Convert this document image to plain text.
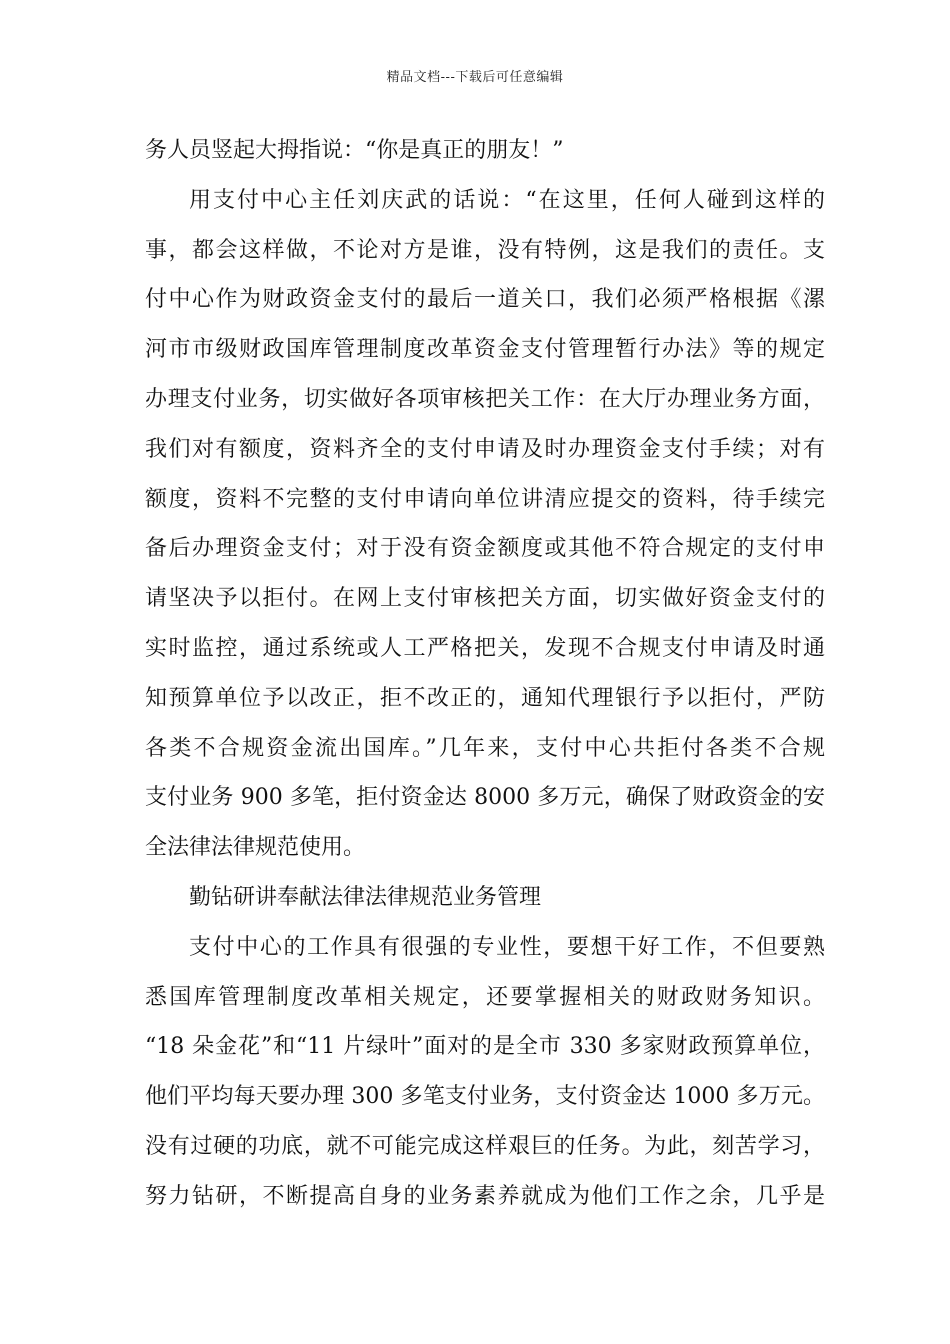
精品文档---下载后可任意编辑
务人员竖起大拇指说：“你是真正的朋友！”
用支付中心主任刘庆武的话说：“在这里，任何人碰到这样的
事，都会这样做，不论对方是谁，没有特例，这是我们的责任。支
付中心作为财政资金支付的最后一道关口，我们必须严格根据《漯
河市市级财政国库管理制度改革资金支付管理暂行办法》等的规定
办理支付业务，切实做好各项审核把关工作：在大厅办理业务方面，
我们对有额度，资料齐全的支付申请及时办理资金支付手续；对有
额度，资料不完整的支付申请向单位讲清应提交的资料，待手续完
备后办理资金支付；对于没有资金额度或其他不符合规定的支付申
请坚决予以拒付。在网上支付审核把关方面，切实做好资金支付的
实时监控，通过系统或人工严格把关，发现不合规支付申请及时通
知预算单位予以改正，拒不改正的，通知代理银行予以拒付，严防
各类不合规资金流出国库。”几年来，支付中心共拒付各类不合规
支付业务 900 多笔，拒付资金达 8000 多万元，确保了财政资金的安
全法律法律规范使用。
勤钻研讲奉献法律法律规范业务管理
支付中心的工作具有很强的专业性，要想干好工作，不但要熟
悉国库管理制度改革相关规定，还要掌握相关的财政财务知识。
“18 朵金花”和“11 片绿叶”面对的是全市 330 多家财政预算单位，
他们平均每天要办理 300 多笔支付业务，支付资金达 1000 多万元。
没有过硬的功底，就不可能完成这样艰巨的任务。为此，刻苦学习，
努力钻研，不断提高自身的业务素养就成为他们工作之余，几乎是
